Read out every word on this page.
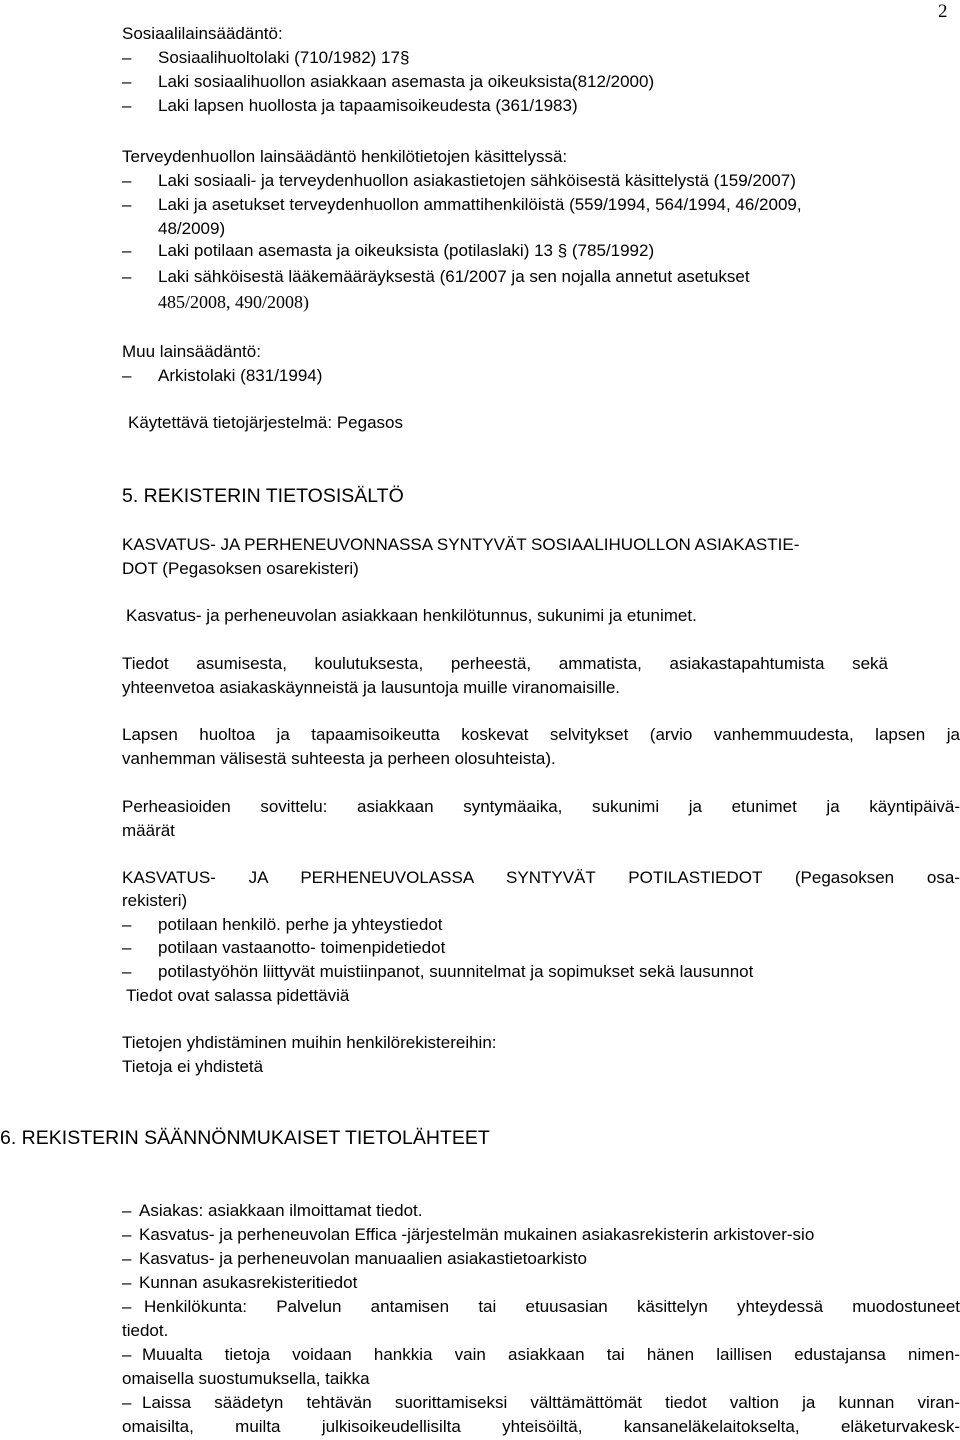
2
Sosiaalilainsäädäntö:
– Sosiaalihuoltolaki (710/1982) 17§
– Laki sosiaalihuollon asiakkaan asemasta ja oikeuksista(812/2000)
– Laki lapsen huollosta ja tapaamisoikeudesta (361/1983)
Terveydenhuollon lainsäädäntö henkilötietojen käsittelyssä:
– Laki sosiaali- ja terveydenhuollon asiakastietojen sähköisestä käsittelystä (159/2007)
– Laki ja asetukset terveydenhuollon ammattihenkilöistä (559/1994, 564/1994, 46/2009,
48/2009)
– Laki potilaan asemasta ja oikeuksista (potilaslaki) 13 § (785/1992)
– Laki sähköisestä lääkemääräyksestä (61/2007 ja sen nojalla annetut asetukset
485/2008, 490/2008)
Muu lainsäädäntö:
– Arkistolaki (831/1994)
Käytettävä tietojärjestelmä: Pegasos
5. REKISTERIN TIETOSISÄLTÖ
KASVATUS- JA PERHENEUVONNASSA SYNTYVÄT SOSIAALIHUOLLON ASIAKASTIE-
DOT (Pegasoksen osarekisteri)
Kasvatus- ja perheneuvolan asiakkaan henkilötunnus, sukunimi ja etunimet.
Tiedot asumisesta, koulutuksesta, perheestä, ammatista, asiakastapahtumista sekä
yhteenvetoa asiakaskäynneistä ja lausuntoja muille viranomaisille.
Lapsen huoltoa ja tapaamisoikeutta koskevat selvitykset (arvio vanhemmuudesta, lapsen ja
vanhemman välisestä suhteesta ja perheen olosuhteista).
Perheasioiden sovittelu: asiakkaan syntymäaika, sukunimi ja etunimet ja käyntipäivä-
määrät
KASVATUS- JA PERHENEUVOLASSA SYNTYVÄT POTILASTIEDOT (Pegasoksen osa-
rekisteri)
– potilaan henkilö. perhe ja yhteystiedot
– potilaan vastaanotto- toimenpidetiedot
– potilastyöhön liittyvät muistiinpanot, suunnitelmat ja sopimukset sekä lausunnot
Tiedot ovat salassa pidettäviä
Tietojen yhdistäminen muihin henkilörekistereihin:
Tietoja ei yhdistetä
6. REKISTERIN SÄÄNNÖNMUKAISET TIETOLÄHTEET
– Asiakas: asiakkaan ilmoittamat tiedot.
– Kasvatus- ja perheneuvolan Effica -järjestelmän mukainen asiakasrekisterin arkistover-sio
– Kasvatus- ja perheneuvolan manuaalien asiakastietoarkisto
– Kunnan asukasrekisteritiedot
– Henkilökunta: Palvelun antamisen tai etuusasian käsittelyn yhteydessä muodostuneet
tiedot.
– Muualta tietoja voidaan hankkia vain asiakkaan tai hänen laillisen edustajansa nimen-
omaisella suostumuksella, taikka
– Laissa säädetyn tehtävän suorittamiseksi välttämättömät tiedot valtion ja kunnan viran-
omaisilta, muilta julkisoikeudellisilta yhteisöiltä, kansaneläkelaitokselta, eläketurvakesk-
